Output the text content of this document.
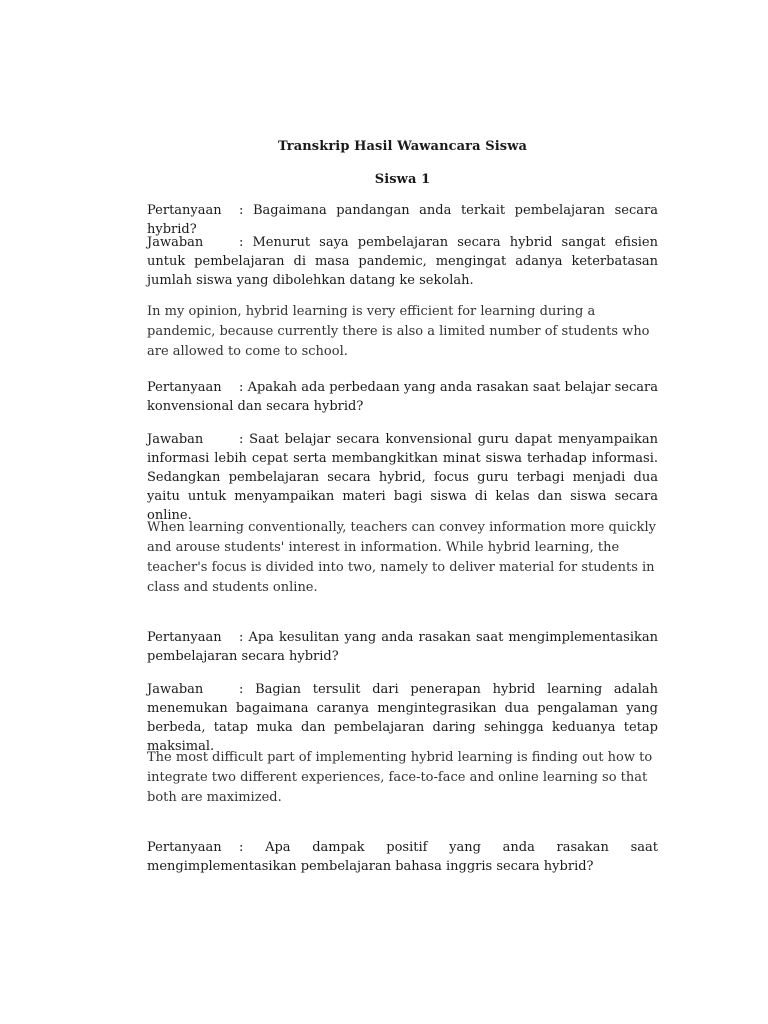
Transkrip Hasil Wawancara Siswa
Siswa 1
Pertanyaan : Bagaimana pandangan anda terkait pembelajaran secara hybrid?
Jawaban	: Menurut saya pembelajaran secara hybrid sangat efisien untuk pembelajaran di masa pandemic, mengingat adanya keterbatasan jumlah siswa yang dibolehkan datang ke sekolah.
In my opinion, hybrid learning is very efficient for learning during a pandemic, because currently there is also a limited number of students who are allowed to come to school.
Pertanyaan : Apakah ada perbedaan yang anda rasakan saat belajar secara konvensional dan secara hybrid?
Jawaban	: Saat belajar secara konvensional guru dapat menyampaikan informasi lebih cepat serta membangkitkan minat siswa terhadap informasi. Sedangkan pembelajaran secara hybrid, focus guru terbagi menjadi dua yaitu untuk menyampaikan materi bagi siswa di kelas dan siswa secara online.
When learning conventionally, teachers can convey information more quickly and arouse students' interest in information. While hybrid learning, the teacher's focus is divided into two, namely to deliver material for students in class and students online.
Pertanyaan : Apa kesulitan yang anda rasakan saat mengimplementasikan pembelajaran secara hybrid?
Jawaban	: Bagian tersulit dari penerapan hybrid learning adalah menemukan bagaimana caranya mengintegrasikan dua pengalaman yang berbeda, tatap muka dan pembelajaran daring sehingga keduanya tetap maksimal.
The most difficult part of implementing hybrid learning is finding out how to integrate two different experiences, face-to-face and online learning so that both are maximized.
Pertanyaan : Apa dampak positif yang anda rasakan saat mengimplementasikan pembelajaran bahasa inggris secara hybrid?
